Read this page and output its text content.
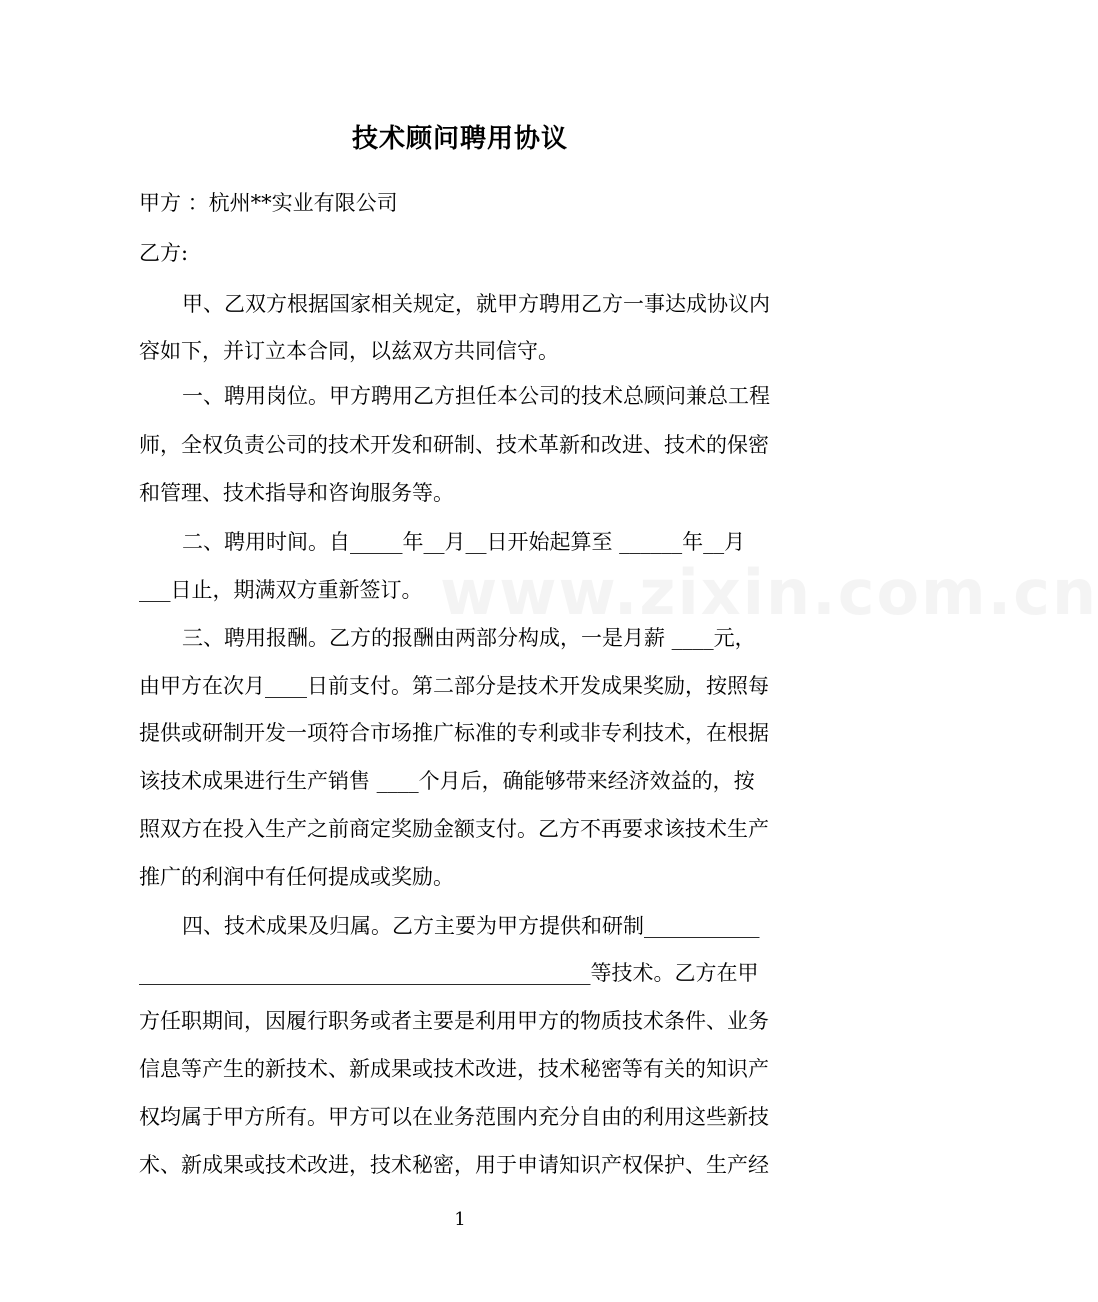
www.zixin.com.cn
技术顾问聘用协议
甲方 ：杭州**实业有限公司
乙方:
甲、乙双方根据国家相关规定，就甲方聘用乙方一事达成协议内
容如下，并订立本合同，以兹双方共同信守。
一、聘用岗位。甲方聘用乙方担任本公司的技术总顾问兼总工程
师，全权负责公司的技术开发和研制、技术革新和改进、技术的保密
和管理、技术指导和咨询服务等。
二、聘用时间。自_____年__月__日开始起算至 ______年__月
___日止，期满双方重新签订。
三、聘用报酬。乙方的报酬由两部分构成，一是月薪 ____元，
由甲方在次月____日前支付。第二部分是技术开发成果奖励，按照每
提供或研制开发一项符合市场推广标准的专利或非专利技术，在根据
该技术成果进行生产销售 ____个月后，确能够带来经济效益的，按
照双方在投入生产之前商定奖励金额支付。乙方不再要求该技术生产
推广的利润中有任何提成或奖励。
四、技术成果及归属。乙方主要为甲方提供和研制___________
___________________________________________等技术。乙方在甲
方任职期间，因履行职务或者主要是利用甲方的物质技术条件、业务
信息等产生的新技术、新成果或技术改进，技术秘密等有关的知识产
权均属于甲方所有。甲方可以在业务范围内充分自由的利用这些新技
术、新成果或技术改进，技术秘密，用于申请知识产权保护、生产经
1
